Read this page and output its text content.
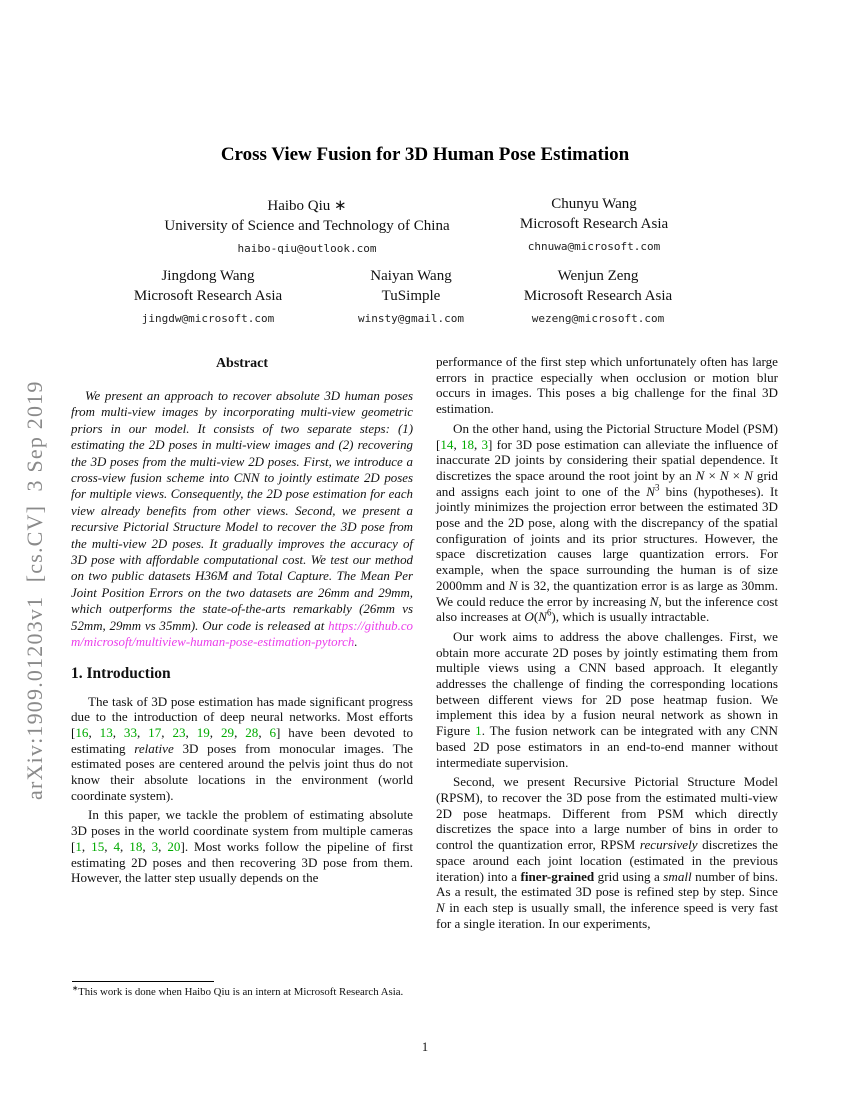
arXiv:1909.01203v1  [cs.CV]  3 Sep 2019
Cross View Fusion for 3D Human Pose Estimation
Haibo Qiu ∗
University of Science and Technology of China
haibo-qiu@outlook.com
Chunyu Wang
Microsoft Research Asia
chnuwa@microsoft.com
Jingdong Wang
Microsoft Research Asia
jingdw@microsoft.com
Naiyan Wang
TuSimple
winsty@gmail.com
Wenjun Zeng
Microsoft Research Asia
wezeng@microsoft.com
Abstract

We present an approach to recover absolute 3D human poses from multi-view images by incorporating multi-view geometric priors in our model. It consists of two separate steps: (1) estimating the 2D poses in multi-view images and (2) recovering the 3D poses from the multi-view 2D poses. First, we introduce a cross-view fusion scheme into CNN to jointly estimate 2D poses for multiple views. Consequently, the 2D pose estimation for each view already benefits from other views. Second, we present a recursive Pictorial Structure Model to recover the 3D pose from the multi-view 2D poses. It gradually improves the accuracy of 3D pose with affordable computational cost. We test our method on two public datasets H36M and Total Capture. The Mean Per Joint Position Errors on the two datasets are 26mm and 29mm, which outperforms the state-of-the-arts remarkably (26mm vs 52mm, 29mm vs 35mm). Our code is released at https://github.com/microsoft/multiview-human-pose-estimation-pytorch.

1. Introduction

The task of 3D pose estimation has made significant progress due to the introduction of deep neural networks. Most efforts [16, 13, 33, 17, 23, 19, 29, 28, 6] have been devoted to estimating relative 3D poses from monocular images. The estimated poses are centered around the pelvis joint thus do not know their absolute locations in the environment (world coordinate system).

In this paper, we tackle the problem of estimating absolute 3D poses in the world coordinate system from multiple cameras [1, 15, 4, 18, 3, 20]. Most works follow the pipeline of first estimating 2D poses and then recovering 3D pose from them. However, the latter step usually depends on the

performance of the first step which unfortunately often has large errors in practice especially when occlusion or motion blur occurs in images. This poses a big challenge for the final 3D estimation.

On the other hand, using the Pictorial Structure Model (PSM) [14, 18, 3] for 3D pose estimation can alleviate the influence of inaccurate 2D joints by considering their spatial dependence. It discretizes the space around the root joint by an N × N × N grid and assigns each joint to one of the $N^3$ bins (hypotheses). It jointly minimizes the projection error between the estimated 3D pose and the 2D pose, along with the discrepancy of the spatial configuration of joints and its prior structures. However, the space discretization causes large quantization errors. For example, when the space surrounding the human is of size 2000mm and N is 32, the quantization error is as large as 30mm. We could reduce the error by increasing N, but the inference cost also increases at $O(N^6)$, which is usually intractable.

Our work aims to address the above challenges. First, we obtain more accurate 2D poses by jointly estimating them from multiple views using a CNN based approach. It elegantly addresses the challenge of finding the corresponding locations between different views for 2D pose heatmap fusion. We implement this idea by a fusion neural network as shown in Figure 1. The fusion network can be integrated with any CNN based 2D pose estimators in an end-to-end manner without intermediate supervision.

Second, we present Recursive Pictorial Structure Model (RPSM), to recover the 3D pose from the estimated multi-view 2D pose heatmaps. Different from PSM which directly discretizes the space into a large number of bins in order to control the quantization error, RPSM recursively discretizes the space around each joint location (estimated in the previous iteration) into a finer-grained grid using a small number of bins. As a result, the estimated 3D pose is refined step by step. Since N in each step is usually small, the inference speed is very fast for a single iteration. In our experiments,

∗This work is done when Haibo Qiu is an intern at Microsoft Research Asia.
1
